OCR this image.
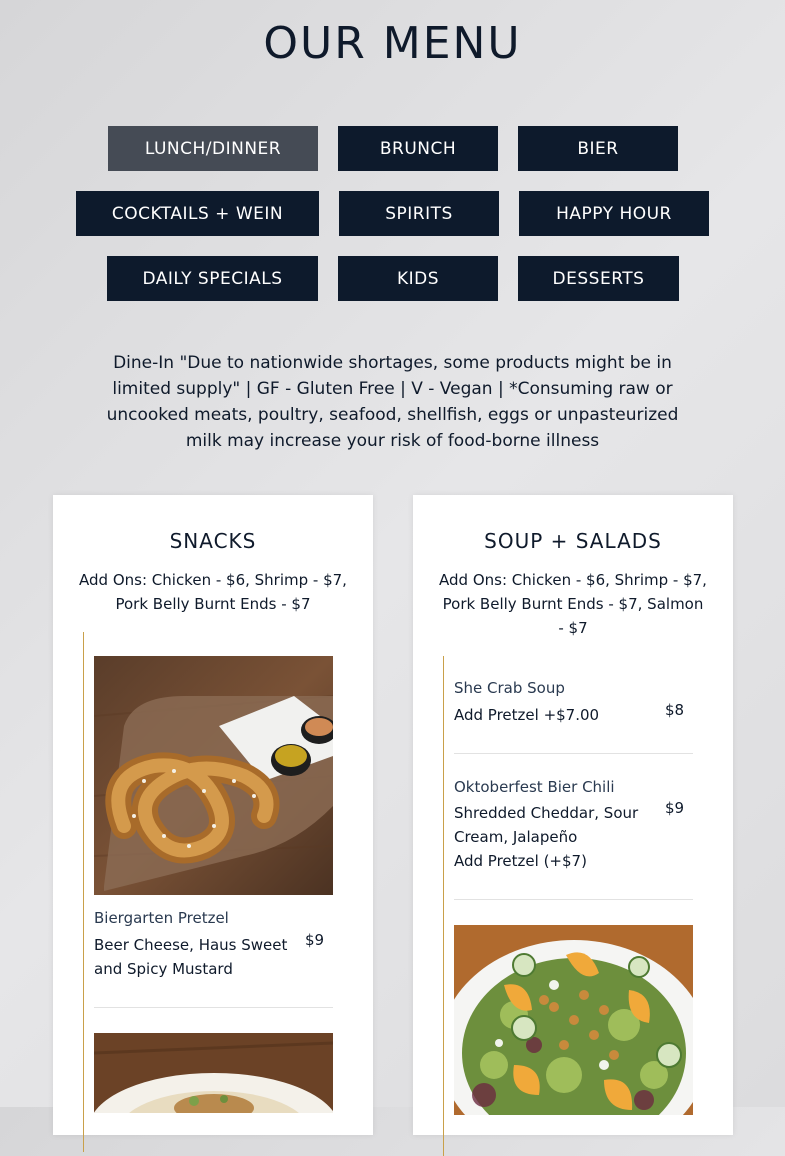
OUR MENU
LUNCH/DINNER	BRUNCH	BIER
COCKTAILS + WEIN	SPIRITS	HAPPY HOUR
DAILY SPECIALS	KIDS	DESSERTS
Dine-In "Due to nationwide shortages, some products might be in limited supply" | GF - Gluten Free | V - Vegan | *Consuming raw or uncooked meats, poultry, seafood, shellfish, eggs or unpasteurized milk may increase your risk of food-borne illness
SNACKS
Add Ons: Chicken - $6, Shrimp - $7, Pork Belly Burnt Ends - $7
Biergarten Pretzel
Beer Cheese, Haus Sweet and Spicy Mustard
$9
SOUP + SALADS
Add Ons: Chicken - $6, Shrimp - $7, Pork Belly Burnt Ends - $7, Salmon - $7
She Crab Soup
Add Pretzel +$7.00	$8
Oktoberfest Bier Chili
Shredded Cheddar, Sour
Cream, Jalapeño
Add Pretzel (+$7)
$9
